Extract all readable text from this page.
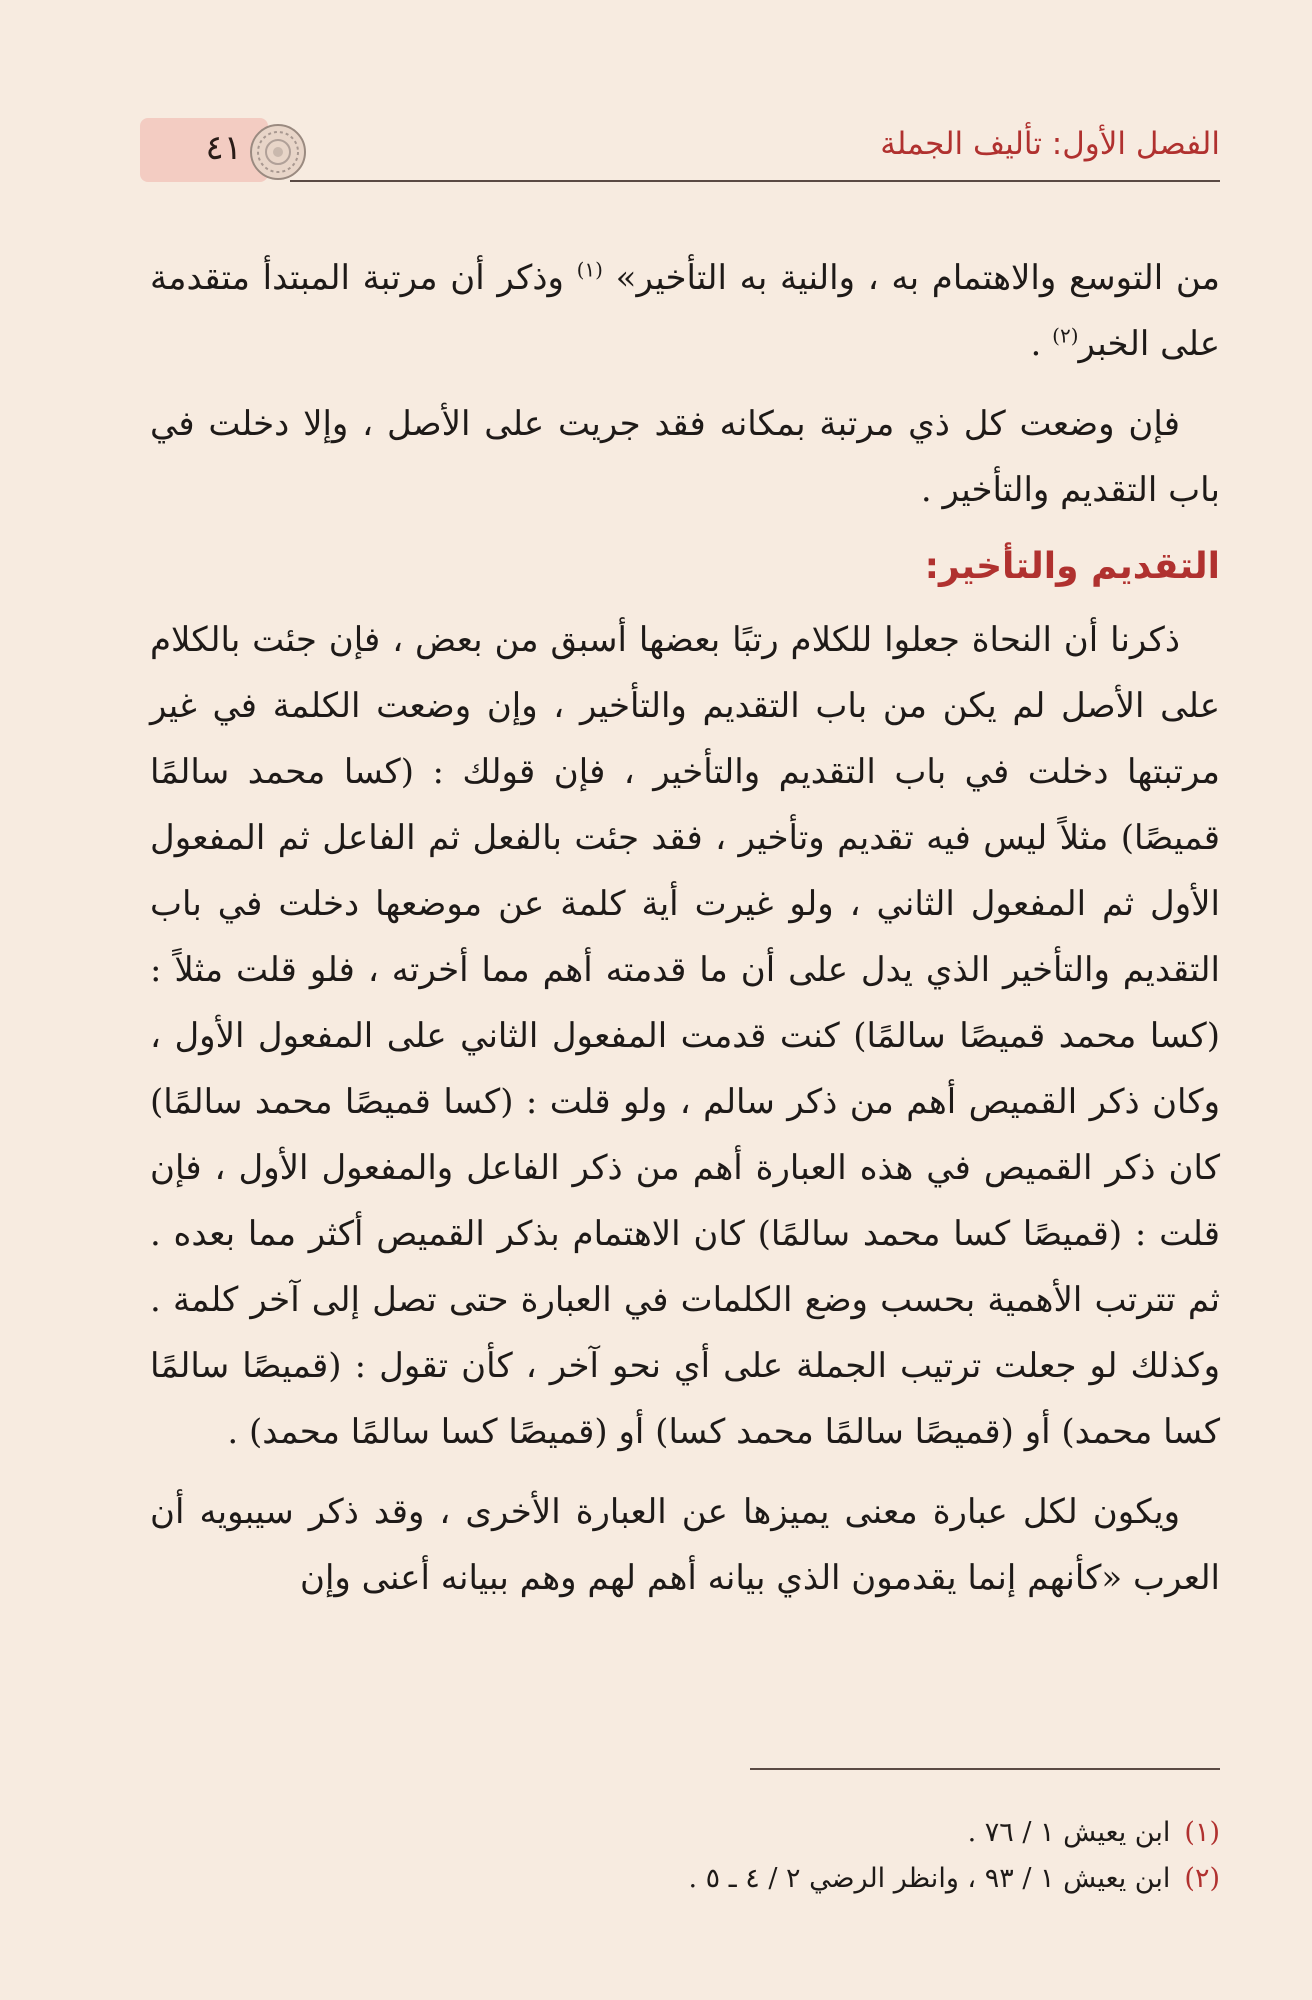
٤١	الفصل الأول: تأليف الجملة

من التوسع والاهتمام به ، والنية به التأخير» $^{(١)}$ وذكر أن مرتبة المبتدأ متقدمة على الخبر$^{(٢)}$ .

فإن وضعت كل ذي مرتبة بمكانه فقد جريت على الأصل ، وإلا دخلت في باب التقديم والتأخير .

التقديم والتأخير:

ذكرنا أن النحاة جعلوا للكلام رتبًا بعضها أسبق من بعض ، فإن جئت بالكلام على الأصل لم يكن من باب التقديم والتأخير ، وإن وضعت الكلمة في غير مرتبتها دخلت في باب التقديم والتأخير ، فإن قولك : (كسا محمد سالمًا قميصًا) مثلاً ليس فيه تقديم وتأخير ، فقد جئت بالفعل ثم الفاعل ثم المفعول الأول ثم المفعول الثاني ، ولو غيرت أية كلمة عن موضعها دخلت في باب التقديم والتأخير الذي يدل على أن ما قدمته أهم مما أخرته ، فلو قلت مثلاً : (كسا محمد قميصًا سالمًا) كنت قدمت المفعول الثاني على المفعول الأول ، وكان ذكر القميص أهم من ذكر سالم ، ولو قلت : (كسا قميصًا محمد سالمًا) كان ذكر القميص في هذه العبارة أهم من ذكر الفاعل والمفعول الأول ، فإن قلت : (قميصًا كسا محمد سالمًا) كان الاهتمام بذكر القميص أكثر مما بعده . ثم تترتب الأهمية بحسب وضع الكلمات في العبارة حتى تصل إلى آخر كلمة . وكذلك لو جعلت ترتيب الجملة على أي نحو آخر ، كأن تقول : (قميصًا سالمًا كسا محمد) أو (قميصًا سالمًا محمد كسا) أو (قميصًا كسا سالمًا محمد) .

ويكون لكل عبارة معنى يميزها عن العبارة الأخرى ، وقد ذكر سيبويه أن العرب «كأنهم إنما يقدمون الذي بيانه أهم لهم وهم ببيانه أعنى وإن

(١)ابن يعيش ١ / ٧٦ .
(٢)ابن يعيش ١ / ٩٣ ، وانظر الرضي ٢ / ٤ ـ ٥ .
